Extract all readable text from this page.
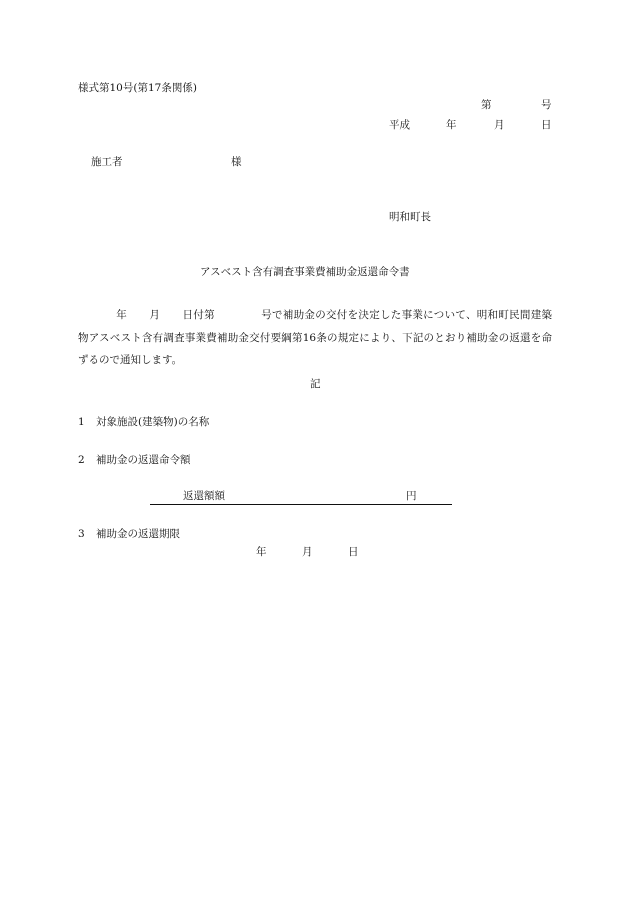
様式第10号(第17条関係)
第	号
平成	年	月	日
施工者	様
明和町長
アスベスト含有調査事業費補助金返還命令書
年 月 日付第	号で補助金の交付を決定した事業について、明和町民間建築物アスベスト含有調査事業費補助金交付要綱第16条の規定により、下記のとおり補助金の返還を命ずるので通知します。
記
1 対象施設(建築物)の名称
2 補助金の返還命令額
返還額額	円
3 補助金の返還期限
年	月	日
